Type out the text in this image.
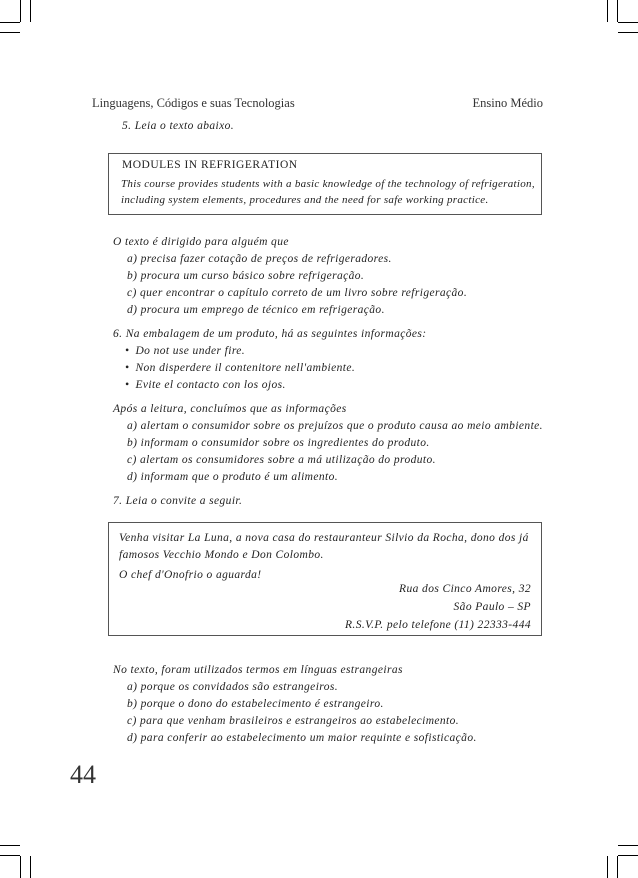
Linguagens, Códigos e suas Tecnologias	Ensino Médio
5. Leia o texto abaixo.
MODULES IN REFRIGERATION
This course provides students with a basic knowledge of the technology of refrigeration,
including system elements, procedures and the need for safe working practice.
O texto é dirigido para alguém que
a) precisa fazer cotação de preços de refrigeradores.
b) procura um curso básico sobre refrigeração.
c) quer encontrar o capítulo correto de um livro sobre refrigeração.
d) procura um emprego de técnico em refrigeração.
6. Na embalagem de um produto, há as seguintes informações:
• Do not use under fire.
• Non disperdere il contenitore nell'ambiente.
• Evite el contacto con los ojos.
Após a leitura, concluímos que as informações
a) alertam o consumidor sobre os prejuízos que o produto causa ao meio ambiente.
b) informam o consumidor sobre os ingredientes do produto.
c) alertam os consumidores sobre a má utilização do produto.
d) informam que o produto é um alimento.
7. Leia o convite a seguir.
Venha visitar La Luna, a nova casa do restauranteur Silvio da Rocha, dono dos já
famosos Vecchio Mondo e Don Colombo.
O chef d'Onofrio o aguarda!
Rua dos Cinco Amores, 32
São Paulo – SP
R.S.V.P. pelo telefone (11) 22333-444
No texto, foram utilizados termos em línguas estrangeiras
a) porque os convidados são estrangeiros.
b) porque o dono do estabelecimento é estrangeiro.
c) para que venham brasileiros e estrangeiros ao estabelecimento.
d) para conferir ao estabelecimento um maior requinte e sofisticação.
44
